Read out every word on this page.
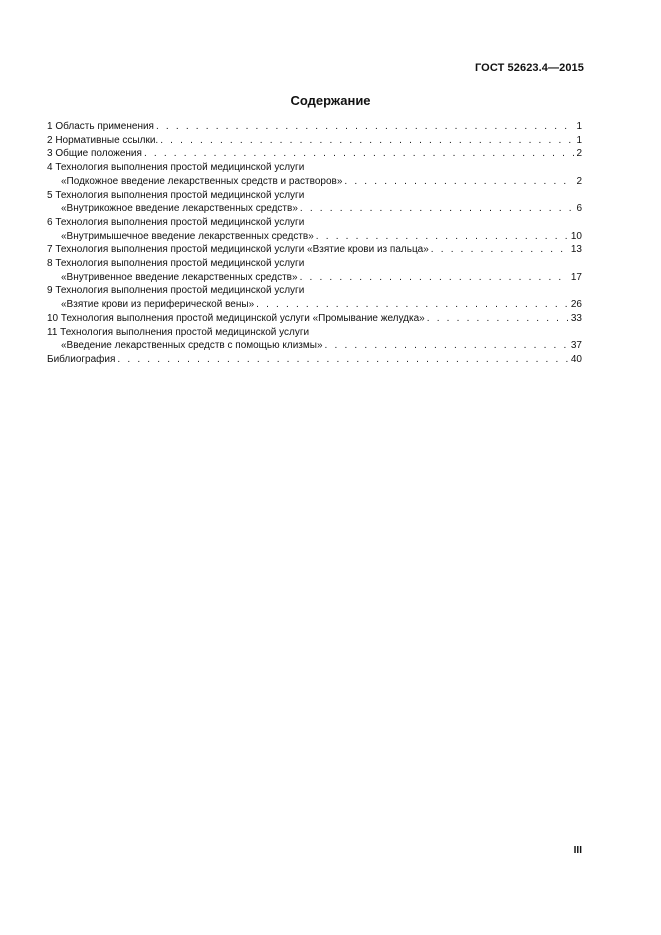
ГОСТ 52623.4—2015
Содержание
1 Область применения . . .	1
2 Нормативные ссылки. . . .	1
3 Общие положения . . .	2
4 Технология выполнения простой медицинской услуги
«Подкожное введение лекарственных средств и растворов» . . .	2
5 Технология выполнения простой медицинской услуги
«Внутрикожное введение лекарственных средств» . . .	6
6 Технология выполнения простой медицинской услуги
«Внутримышечное введение лекарственных средств» . . .	10
7 Технология выполнения простой медицинской услуги «Взятие крови из пальца» . . .	13
8 Технология выполнения простой медицинской услуги
«Внутривенное введение лекарственных средств» . . .	17
9 Технология выполнения простой медицинской услуги
«Взятие крови из периферической вены» . . .	26
10 Технология выполнения простой медицинской услуги «Промывание желудка» . . .	33
11 Технология выполнения простой медицинской услуги
«Введение лекарственных средств с помощью клизмы» . . .	37
Библиография . . .	40
III
